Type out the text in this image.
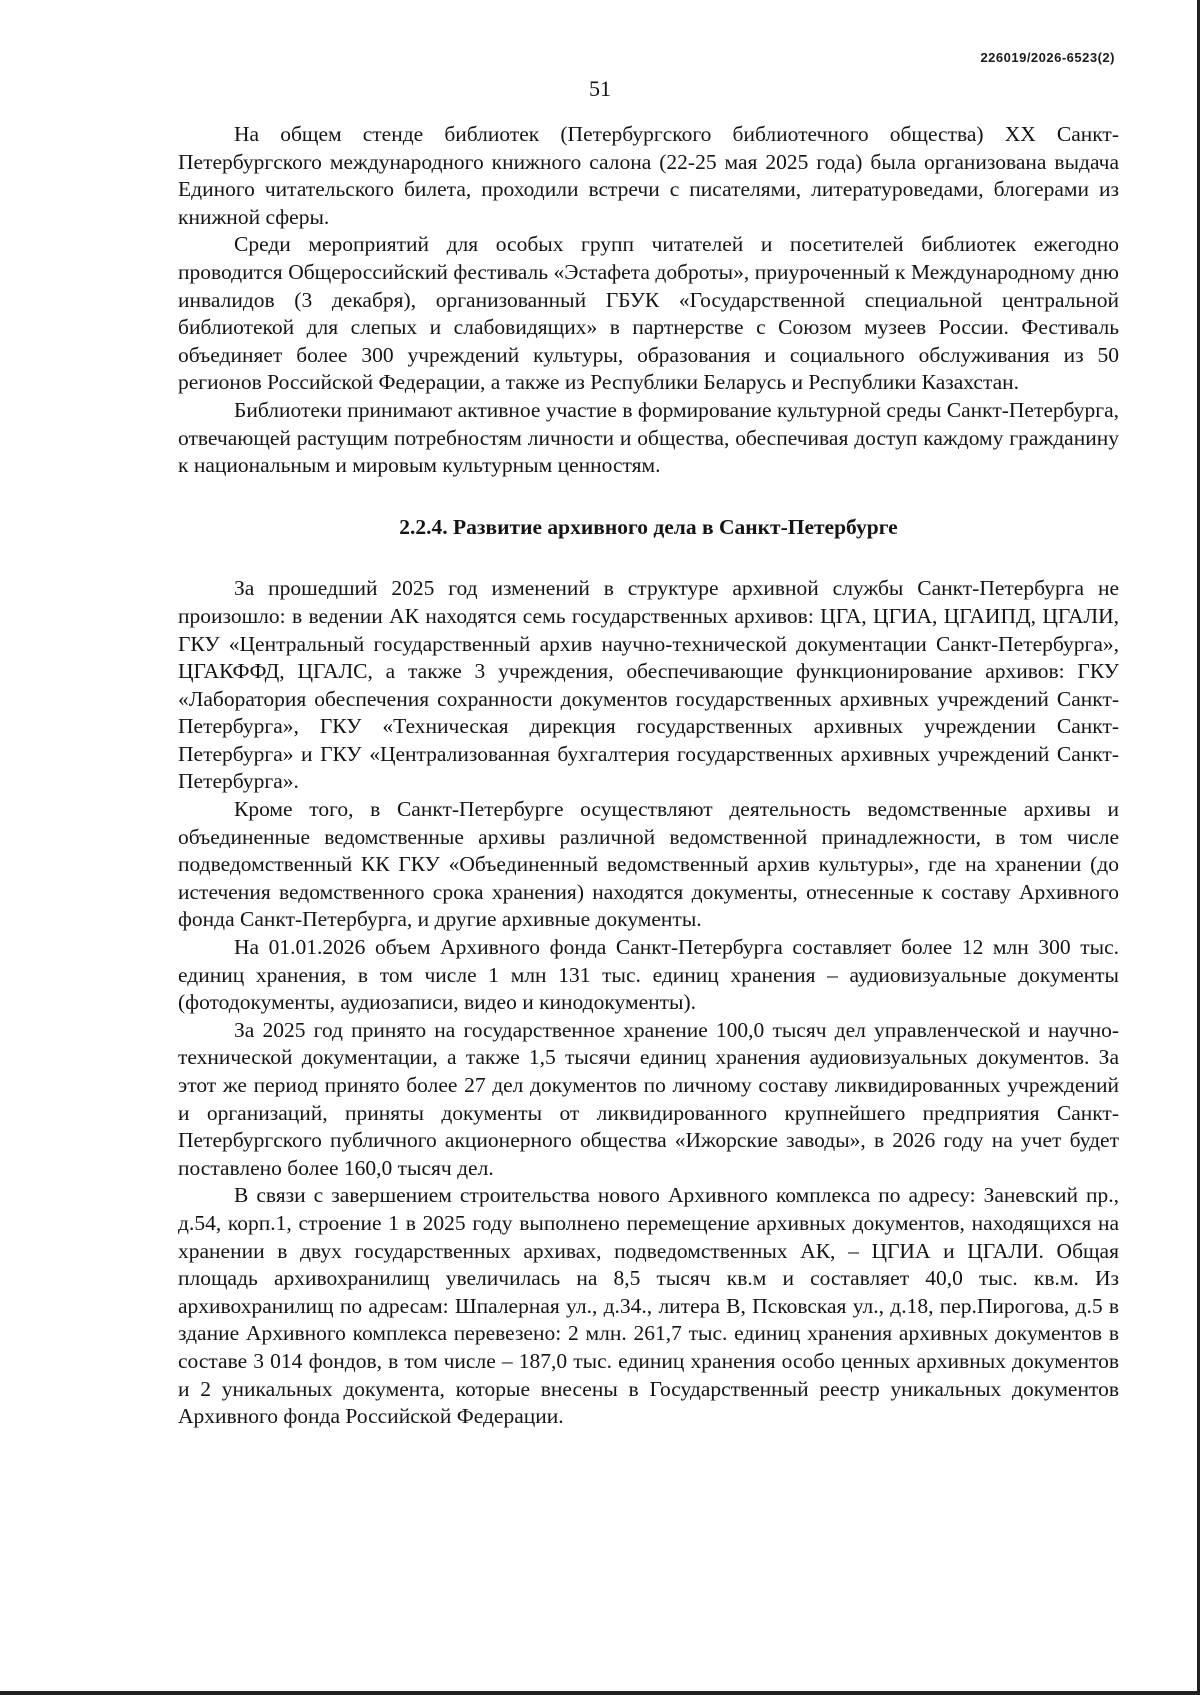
226019/2026-6523(2)
51

На общем стенде библиотек (Петербургского библиотечного общества) XX Санкт-Петербургского международного книжного салона (22-25 мая 2025 года) была организована выдача Единого читательского билета, проходили встречи с писателями, литературоведами, блогерами из книжной сферы.

Среди мероприятий для особых групп читателей и посетителей библиотек ежегодно проводится Общероссийский фестиваль «Эстафета доброты», приуроченный к Международному дню инвалидов (3 декабря), организованный ГБУК «Государственной специальной центральной библиотекой для слепых и слабовидящих» в партнерстве с Союзом музеев России. Фестиваль объединяет более 300 учреждений культуры, образования и социального обслуживания из 50 регионов Российской Федерации, а также из Республики Беларусь и Республики Казахстан.

Библиотеки принимают активное участие в формирование культурной среды Санкт-Петербурга, отвечающей растущим потребностям личности и общества, обеспечивая доступ каждому гражданину к национальным и мировым культурным ценностям.

2.2.4. Развитие архивного дела в Санкт-Петербурге

За прошедший 2025 год изменений в структуре архивной службы Санкт-Петербурга не произошло: в ведении АК находятся семь государственных архивов: ЦГА, ЦГИА, ЦГАИПД, ЦГАЛИ, ГКУ «Центральный государственный архив научно-технической документации Санкт-Петербурга», ЦГАКФФД, ЦГАЛС, а также 3 учреждения, обеспечивающие функционирование архивов: ГКУ «Лаборатория обеспечения сохранности документов государственных архивных учреждений Санкт-Петербурга», ГКУ «Техническая дирекция государственных архивных учреждении Санкт-Петербурга» и ГКУ «Централизованная бухгалтерия государственных архивных учреждений Санкт-Петербурга».

Кроме того, в Санкт-Петербурге осуществляют деятельность ведомственные архивы и объединенные ведомственные архивы различной ведомственной принадлежности, в том числе подведомственный КК ГКУ «Объединенный ведомственный архив культуры», где на хранении (до истечения ведомственного срока хранения) находятся документы, отнесенные к составу Архивного фонда Санкт-Петербурга, и другие архивные документы.

На 01.01.2026 объем Архивного фонда Санкт-Петербурга составляет более 12 млн 300 тыс. единиц хранения, в том числе 1 млн 131 тыс. единиц хранения – аудиовизуальные документы (фотодокументы, аудиозаписи, видео и кинодокументы).

За 2025 год принято на государственное хранение 100,0 тысяч дел управленческой и научно-технической документации, а также 1,5 тысячи единиц хранения аудиовизуальных документов. За этот же период принято более 27 дел документов по личному составу ликвидированных учреждений и организаций, приняты документы от ликвидированного крупнейшего предприятия Санкт-Петербургского публичного акционерного общества «Ижорские заводы», в 2026 году на учет будет поставлено более 160,0 тысяч дел.

В связи с завершением строительства нового Архивного комплекса по адресу: Заневский пр., д.54, корп.1, строение 1 в 2025 году выполнено перемещение архивных документов, находящихся на хранении в двух государственных архивах, подведомственных АК, – ЦГИА и ЦГАЛИ. Общая площадь архивохранилищ увеличилась на 8,5 тысяч кв.м и составляет 40,0 тыс. кв.м. Из архивохранилищ по адресам: Шпалерная ул., д.34., литера В, Псковская ул., д.18, пер.Пирогова, д.5 в здание Архивного комплекса перевезено: 2 млн. 261,7 тыс. единиц хранения архивных документов в составе 3 014 фондов, в том числе – 187,0 тыс. единиц хранения особо ценных архивных документов и 2 уникальных документа, которые внесены в Государственный реестр уникальных документов Архивного фонда Российской Федерации.
